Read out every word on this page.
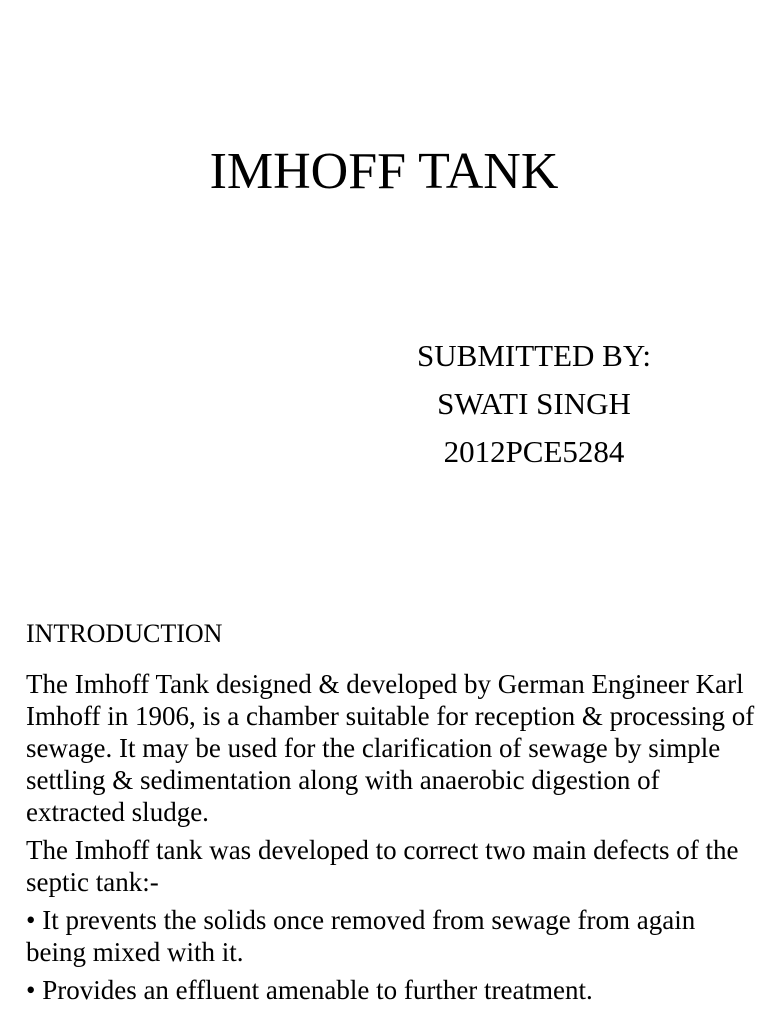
IMHOFF TANK
SUBMITTED BY:
SWATI SINGH
2012PCE5284
INTRODUCTION

The Imhoff Tank designed & developed by German Engineer Karl Imhoff in 1906, is a chamber suitable for reception & processing of sewage. It may be used for the clarification of sewage by simple settling & sedimentation along with anaerobic digestion of extracted sludge.

The Imhoff tank was developed to correct two main defects of the septic tank:-

• It prevents the solids once removed from sewage from again being mixed with it.

• Provides an effluent amenable to further treatment.
